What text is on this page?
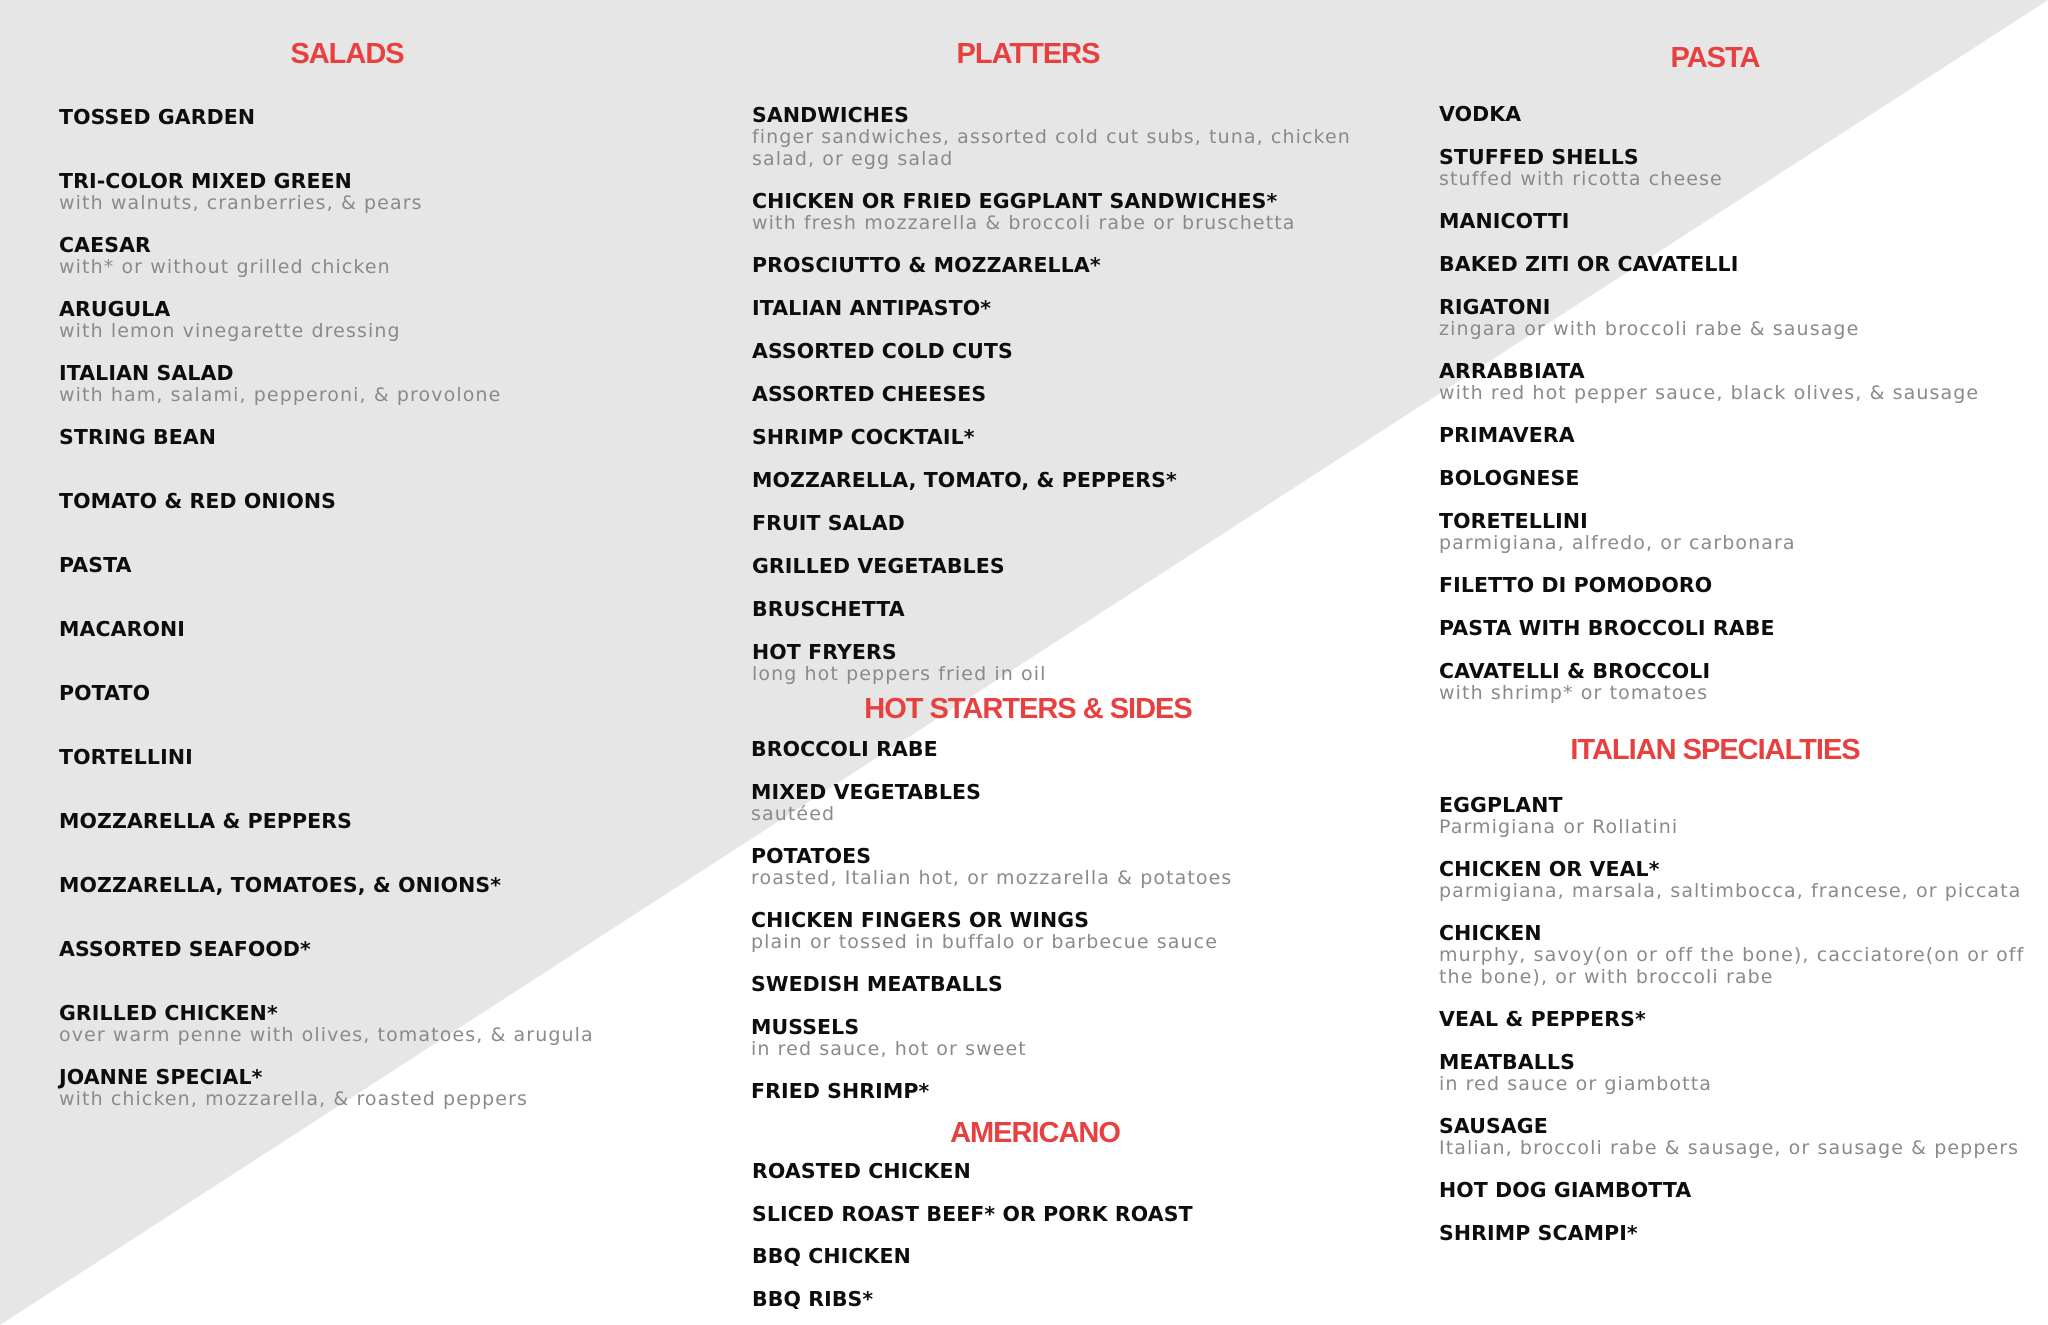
SALADS
TOSSED GARDEN
TRI-COLOR MIXED GREEN
with walnuts, cranberries, & pears
CAESAR
with* or without grilled chicken
ARUGULA
with lemon vinegarette dressing
ITALIAN SALAD
with ham, salami, pepperoni, & provolone
STRING BEAN
TOMATO & RED ONIONS
PASTA
MACARONI
POTATO
TORTELLINI
MOZZARELLA & PEPPERS
MOZZARELLA, TOMATOES, & ONIONS*
ASSORTED SEAFOOD*
GRILLED CHICKEN*
over warm penne with olives, tomatoes, & arugula
JOANNE SPECIAL*
with chicken, mozzarella, & roasted peppers
PLATTERS
SANDWICHES
finger sandwiches, assorted cold cut subs, tuna, chicken
salad, or egg salad
CHICKEN OR FRIED EGGPLANT SANDWICHES*
with fresh mozzarella & broccoli rabe or bruschetta
PROSCIUTTO & MOZZARELLA*
ITALIAN ANTIPASTO*
ASSORTED COLD CUTS
ASSORTED CHEESES
SHRIMP COCKTAIL*
MOZZARELLA, TOMATO, & PEPPERS*
FRUIT SALAD
GRILLED VEGETABLES
BRUSCHETTA
HOT FRYERS
long hot peppers fried in oil
HOT STARTERS & SIDES
BROCCOLI RABE
MIXED VEGETABLES
sautéed
POTATOES
roasted, Italian hot, or mozzarella & potatoes
CHICKEN FINGERS OR WINGS
plain or tossed in buffalo or barbecue sauce
SWEDISH MEATBALLS
MUSSELS
in red sauce, hot or sweet
FRIED SHRIMP*
AMERICANO
ROASTED CHICKEN
SLICED ROAST BEEF* OR PORK ROAST
BBQ CHICKEN
BBQ RIBS*
PASTA
VODKA
STUFFED SHELLS
stuffed with ricotta cheese
MANICOTTI
BAKED ZITI OR CAVATELLI
RIGATONI
zingara or with broccoli rabe & sausage
ARRABBIATA
with red hot pepper sauce, black olives, & sausage
PRIMAVERA
BOLOGNESE
TORETELLINI
parmigiana, alfredo, or carbonara
FILETTO DI POMODORO
PASTA WITH BROCCOLI RABE
CAVATELLI & BROCCOLI
with shrimp* or tomatoes
ITALIAN SPECIALTIES
EGGPLANT
Parmigiana or Rollatini
CHICKEN OR VEAL*
parmigiana, marsala, saltimbocca, francese, or piccata
CHICKEN
murphy, savoy(on or off the bone), cacciatore(on or off
the bone), or with broccoli rabe
VEAL & PEPPERS*
MEATBALLS
in red sauce or giambotta
SAUSAGE
Italian, broccoli rabe & sausage, or sausage & peppers
HOT DOG GIAMBOTTA
SHRIMP SCAMPI*
